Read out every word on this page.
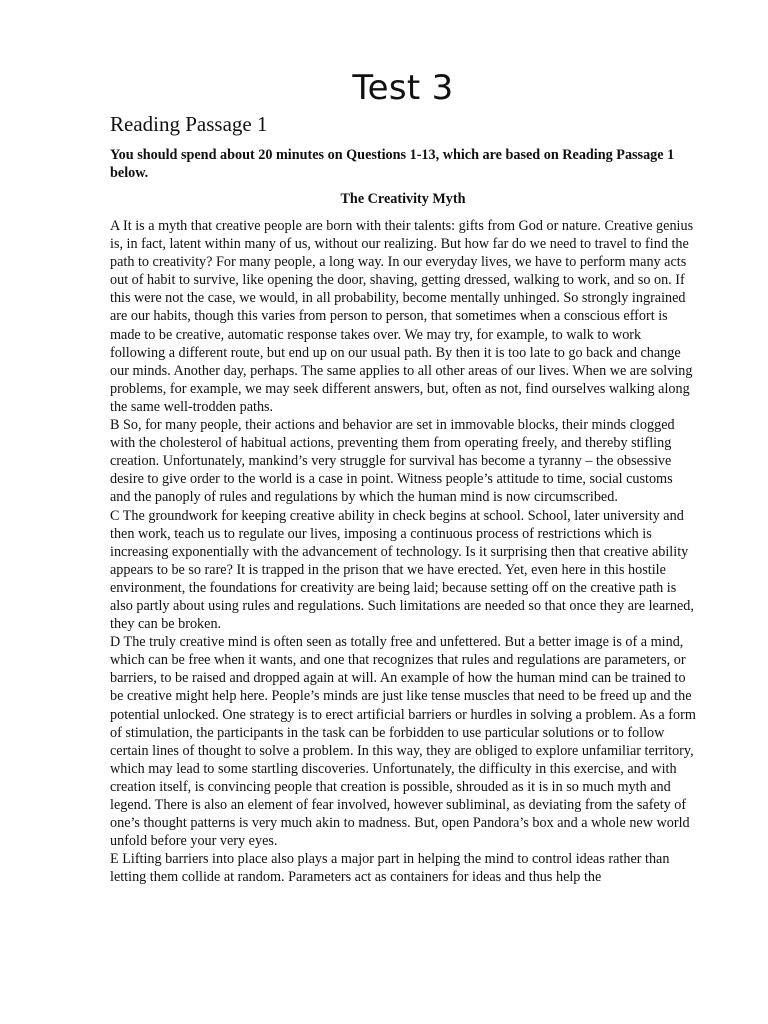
Test 3
Reading Passage 1

You should spend about 20 minutes on Questions 1-13, which are based on Reading Passage 1 below.

The Creativity Myth

A It is a myth that creative people are born with their talents: gifts from God or nature. Creative genius is, in fact, latent within many of us, without our realizing. But how far do we need to travel to find the path to creativity? For many people, a long way. In our everyday lives, we have to perform many acts out of habit to survive, like opening the door, shaving, getting dressed, walking to work, and so on. If this were not the case, we would, in all probability, become mentally unhinged. So strongly ingrained are our habits, though this varies from person to person, that sometimes when a conscious effort is made to be creative, automatic response takes over. We may try, for example, to walk to work following a different route, but end up on our usual path. By then it is too late to go back and change our minds. Another day, perhaps. The same applies to all other areas of our lives. When we are solving problems, for example, we may seek different answers, but, often as not, find ourselves walking along the same well-trodden paths.

B So, for many people, their actions and behavior are set in immovable blocks, their minds clogged with the cholesterol of habitual actions, preventing them from operating freely, and thereby stifling creation. Unfortunately, mankind’s very struggle for survival has become a tyranny – the obsessive desire to give order to the world is a case in point. Witness people’s attitude to time, social customs and the panoply of rules and regulations by which the human mind is now circumscribed.

C The groundwork for keeping creative ability in check begins at school. School, later university and then work, teach us to regulate our lives, imposing a continuous process of restrictions which is increasing exponentially with the advancement of technology. Is it surprising then that creative ability appears to be so rare? It is trapped in the prison that we have erected. Yet, even here in this hostile environment, the foundations for creativity are being laid; because setting off on the creative path is also partly about using rules and regulations. Such limitations are needed so that once they are learned, they can be broken.

D The truly creative mind is often seen as totally free and unfettered. But a better image is of a mind, which can be free when it wants, and one that recognizes that rules and regulations are parameters, or barriers, to be raised and dropped again at will. An example of how the human mind can be trained to be creative might help here. People’s minds are just like tense muscles that need to be freed up and the potential unlocked. One strategy is to erect artificial barriers or hurdles in solving a problem. As a form of stimulation, the participants in the task can be forbidden to use particular solutions or to follow certain lines of thought to solve a problem. In this way, they are obliged to explore unfamiliar territory, which may lead to some startling discoveries. Unfortunately, the difficulty in this exercise, and with creation itself, is convincing people that creation is possible, shrouded as it is in so much myth and legend. There is also an element of fear involved, however subliminal, as deviating from the safety of one’s thought patterns is very much akin to madness. But, open Pandora’s box and a whole new world unfold before your very eyes.

E Lifting barriers into place also plays a major part in helping the mind to control ideas rather than letting them collide at random. Parameters act as containers for ideas and thus help the
